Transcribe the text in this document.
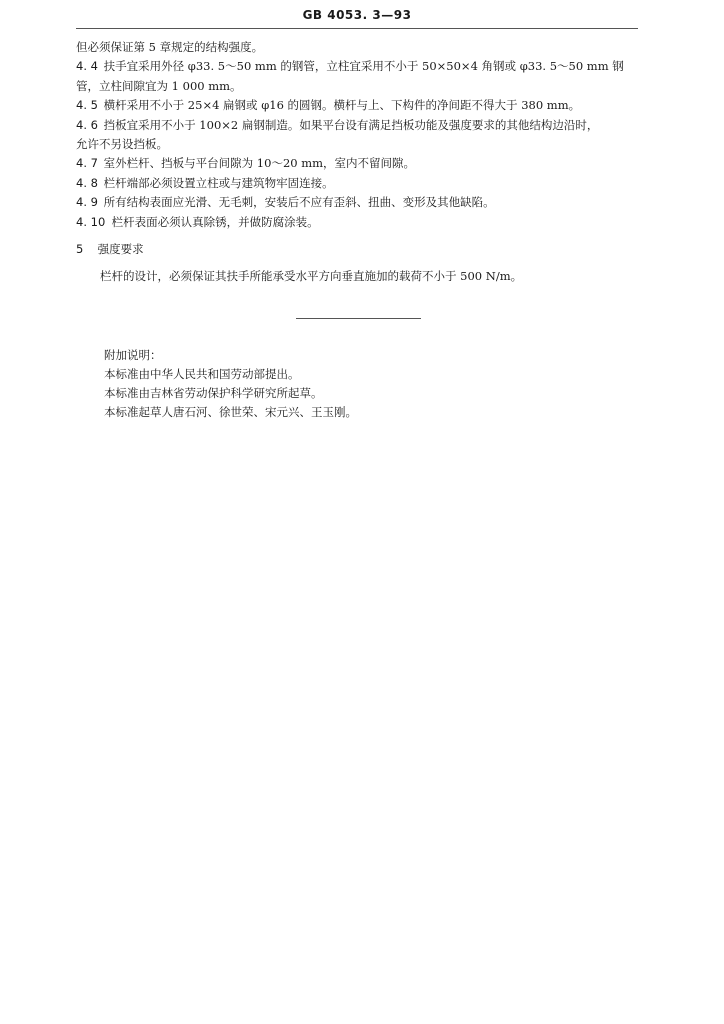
GB 4053. 3—93
但必须保证第 5 章规定的结构强度。
4. 4 扶手宜采用外径 φ33. 5～50 mm 的钢管，立柱宜采用不小于 50×50×4 角钢或 φ33. 5～50 mm 钢
管，立柱间隙宜为 1 000 mm。
4. 5 横杆采用不小于 25×4 扁钢或 φ16 的圆钢。横杆与上、下构件的净间距不得大于 380 mm。
4. 6 挡板宜采用不小于 100×2 扁钢制造。如果平台设有满足挡板功能及强度要求的其他结构边沿时，
允许不另设挡板。
4. 7 室外栏杆、挡板与平台间隙为 10～20 mm，室内不留间隙。
4. 8 栏杆端部必须设置立柱或与建筑物牢固连接。
4. 9 所有结构表面应光滑、无毛刺，安装后不应有歪斜、扭曲、变形及其他缺陷。
4. 10 栏杆表面必须认真除锈，并做防腐涂装。
5 强度要求
栏杆的设计，必须保证其扶手所能承受水平方向垂直施加的载荷不小于 500 N/m。
附加说明：
本标准由中华人民共和国劳动部提出。
本标准由吉林省劳动保护科学研究所起草。
本标准起草人唐石河、徐世荣、宋元兴、王玉刚。
